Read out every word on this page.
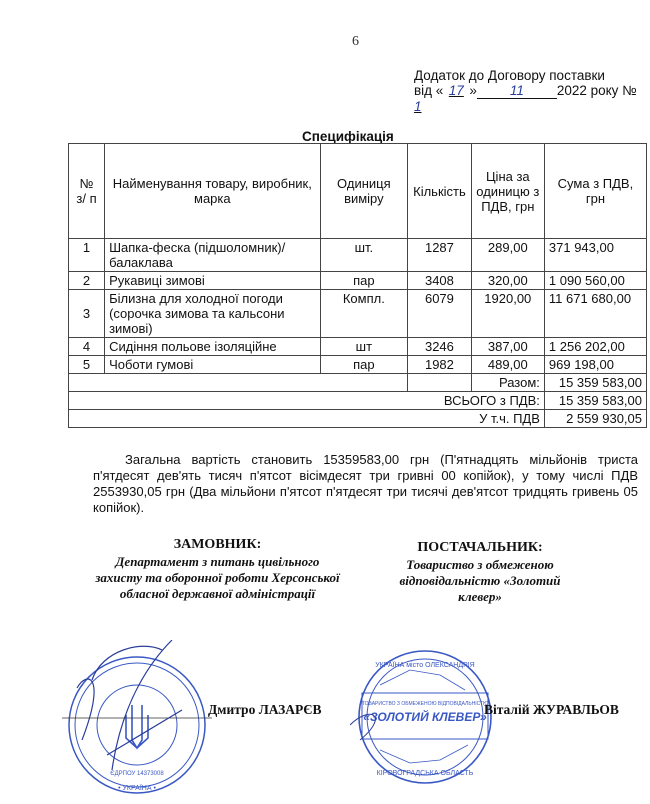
6
Додаток до Договору поставки
від « 17 » 11 2022 року №
1
Специфікація
№ з/ п	Найменування товару, виробник, марка	Одиниця виміру	Кількість	Ціна за одиницю з ПДВ, грн	Сума з ПДВ, грн
1	Шапка-феска (підшоломник)/балаклава	шт.	1287	289,00	371 943,00
2	Рукавиці зимові	пар	3408	320,00	1 090 560,00
3	Білизна для холодної погоди (сорочка зимова та кальсони зимові)	Компл.	6079	1920,00	11 671 680,00
4	Сидіння польове ізоляційне	шт	3246	387,00	1 256 202,00
5	Чоботи гумові	пар	1982	489,00	969 198,00
				Разом:	15 359 583,00
ВСЬОГО з ПДВ:					15 359 583,00
У т.ч. ПДВ					2 559 930,05
Загальна вартість становить 15359583,00 грн (П'ятнадцять мільйонів триста п'ятдесят дев'ять тисяч п'ятсот вісімдесят три гривні 00 копійок), у тому числі ПДВ 2553930,05 грн (Два мільйони п'ятсот п'ятдесят три тисячі дев'ятсот тридцять гривень 05 копійок).
ЗАМОВНИК:
Департамент з питань цивільного захисту та оборонної роботи Херсонської обласної державної адміністрації
ПОСТАЧАЛЬНИК:
Товариство з обмеженою відповідальністю «Золотий клевер»
• УКРАЇНА •
ЄДРПОУ 14373008
Дмитро ЛАЗАРЄВ	ТОВАРИСТВО З ОБМЕЖЕНОЮ ВІДПОВІДАЛЬНІСТЮ
«ЗОЛОТИЙ КЛЕВЕР»
УКРАЇНА місто ОЛЕКСАНДРІЯ
КІРОВОГРАДСЬКА ОБЛАСТЬ
Віталій ЖУРАВЛЬОВ
